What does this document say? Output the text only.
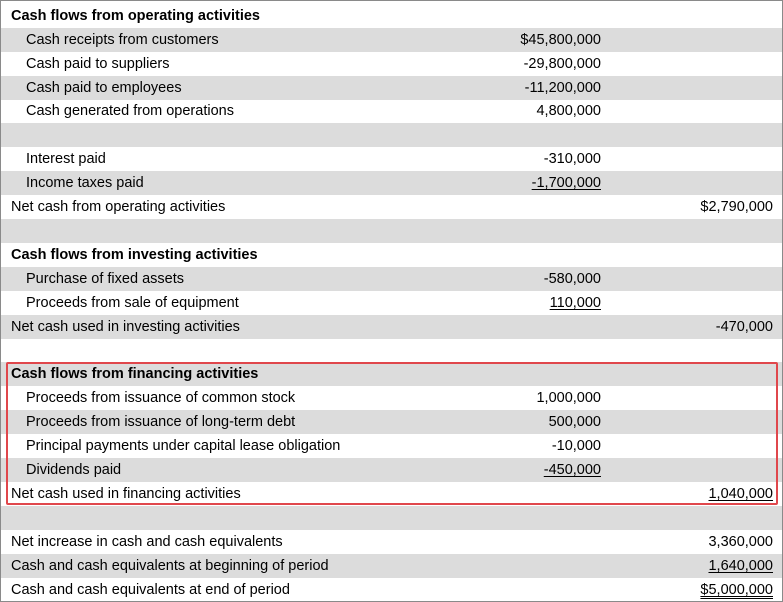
Cash flows from operating activities
Cash receipts from customers	$45,800,000
Cash paid to suppliers	-29,800,000
Cash paid to employees	-11,200,000
Cash generated from operations	4,800,000
Interest paid	-310,000
Income taxes paid	-1,700,000
Net cash from operating activities	$2,790,000
Cash flows from investing activities
Purchase of fixed assets	-580,000
Proceeds from sale of equipment	110,000
Net cash used in investing activities	-470,000
Cash flows from financing activities
Proceeds from issuance of common stock	1,000,000
Proceeds from issuance of long-term debt	500,000
Principal payments under capital lease obligation	-10,000
Dividends paid	-450,000
Net cash used in financing activities	1,040,000
Net increase in cash and cash equivalents	3,360,000
Cash and cash equivalents at beginning of period	1,640,000
Cash and cash equivalents at end of period	$5,000,000
